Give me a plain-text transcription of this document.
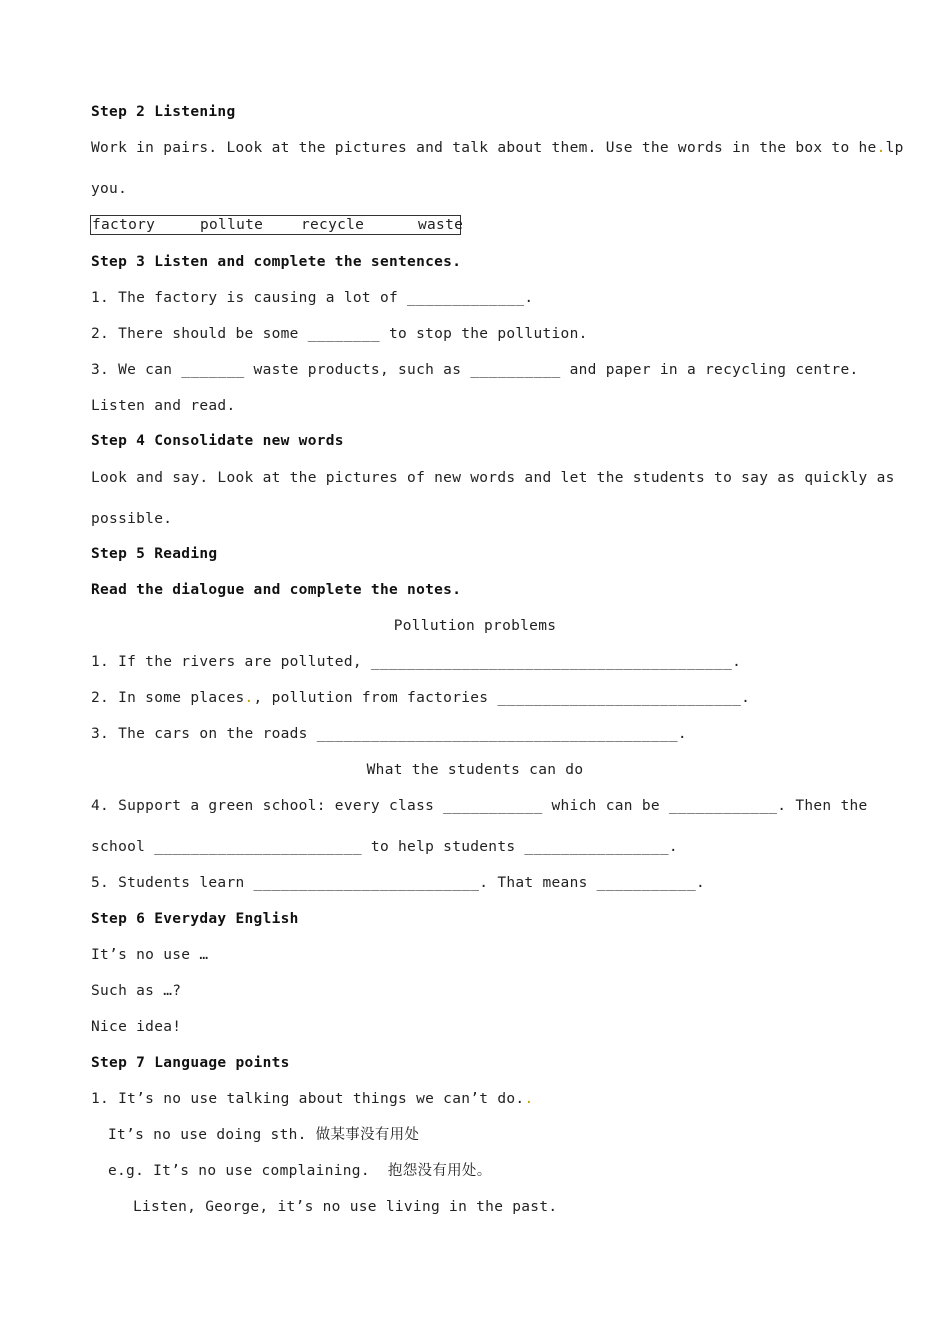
Step 2 Listening
Work in pairs. Look at the pictures and talk about them. Use the words in the box to he.lp
you.

factory

	pollute

	recycle

	waste

Step 3 Listen and complete the sentences.
1. The factory is causing a lot of _____________.
2. There should be some ________ to stop the pollution.
3. We can _______ waste products, such as __________ and paper in a recycling centre.
Listen and read.
Step 4 Consolidate new words
Look and say. Look at the pictures of new words and let the students to say as quickly as
possible.
Step 5 Reading
Read the dialogue and complete the notes.
Pollution problems
1. If the rivers are polluted, ________________________________________.
2. In some places., pollution from factories ___________________________.
3. The cars on the roads ________________________________________.
What the students can do
4. Support a green school: every class ___________ which can be ____________. Then the
school _______________________ to help students ________________.
5. Students learn _________________________. That means ___________.
Step 6 Everyday English
It’s no use …
Such as …?
Nice idea!
Step 7 Language points
1. It’s no use talking about things we can’t do..
It’s no use doing sth. 做某事没有用处
e.g. It’s no use complaining.  抱怨没有用处。
Listen, George, it’s no use living in the past.
